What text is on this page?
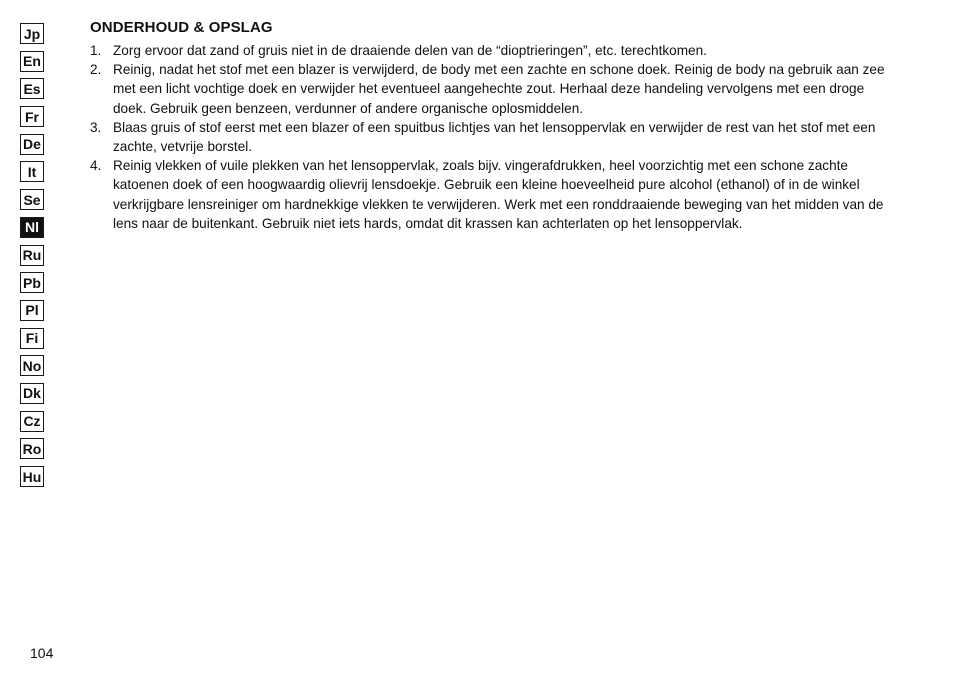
Jp
En
Es
Fr
De
It
Se
Nl
Ru
Pb
Pl
Fi
No
Dk
Cz
Ro
Hu
ONDERHOUD & OPSLAG
1. Zorg ervoor dat zand of gruis niet in de draaiende delen van de “dioptrieringen”, etc. terechtkomen.
2. Reinig, nadat het stof met een blazer is verwijderd, de body met een zachte en schone doek. Reinig de body na gebruik aan zee met een licht vochtige doek en verwijder het eventueel aangehechte zout. Herhaal deze handeling vervolgens met een droge doek. Gebruik geen benzeen, verdunner of andere organische oplosmiddelen.
3. Blaas gruis of stof eerst met een blazer of een spuitbus lichtjes van het lensoppervlak en verwijder de rest van het stof met een zachte, vetvrije borstel.
4. Reinig vlekken of vuile plekken van het lensoppervlak, zoals bijv. vingerafdrukken, heel voorzichtig met een schone zachte katoenen doek of een hoogwaardig olievrij lensdoekje. Gebruik een kleine hoeveelheid pure alcohol (ethanol) of in de winkel verkrijgbare lensreiniger om hardnekkige vlekken te verwijderen. Werk met een ronddraaiende beweging van het midden van de lens naar de buitenkant. Gebruik niet iets hards, omdat dit krassen kan achterlaten op het lensoppervlak.
104
